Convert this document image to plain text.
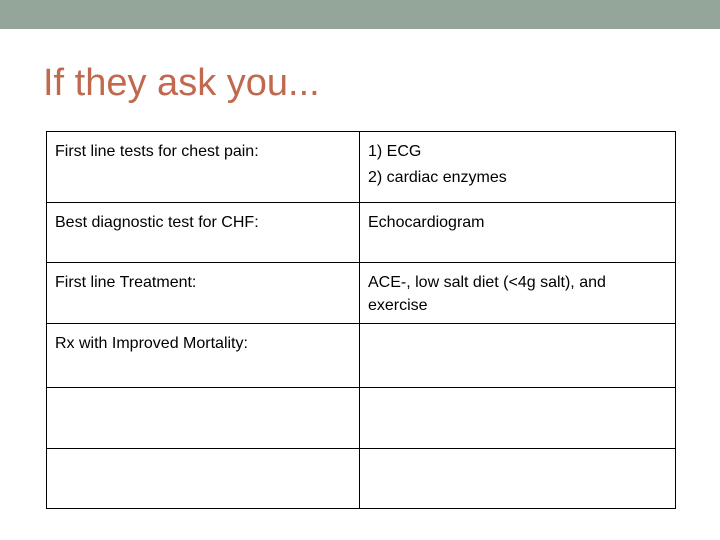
If they ask you...
First line tests for chest pain:	1) ECG
2) cardiac enzymes

Best diagnostic test for CHF:	Echocardiogram
First line Treatment:	ACE-, low salt diet (<4g salt), and exercise

Rx with Improved Mortality:	
